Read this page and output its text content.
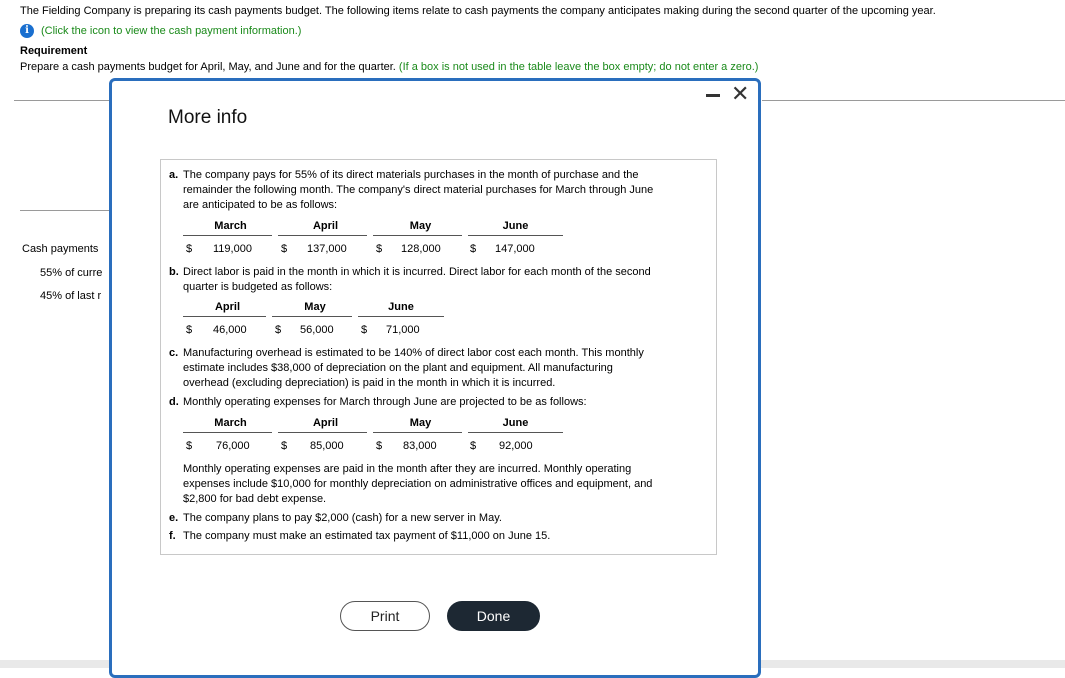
The Fielding Company is preparing its cash payments budget. The following items relate to cash payments the company anticipates making during the second quarter of the upcoming year.
i	(Click the icon to view the cash payment information.)
Requirement
Prepare a cash payments budget for April, May, and June and for the quarter. (If a box is not used in the table leave the box empty; do not enter a zero.)
Cash payments
55% of curre
45% of last r
More info
✕
a. The company pays for 55% of its direct materials purchases in the month of purchase and the
remainder the following month. The company's direct material purchases for March through June
are anticipated to be as follows:
March	April	May	June
$ 119,000	$ 137,000	$ 128,000	$ 147,000
b. Direct labor is paid in the month in which it is incurred. Direct labor for each month of the second
quarter is budgeted as follows:
April	May	June
$ 46,000	$ 56,000 $ 71,000
c. Manufacturing overhead is estimated to be 140% of direct labor cost each month. This monthly
estimate includes $38,000 of depreciation on the plant and equipment. All manufacturing
overhead (excluding depreciation) is paid in the month in which it is incurred.
d. Monthly operating expenses for March through June are projected to be as follows:
March	April	May	June
$ 76,000	$ 85,000	$ 83,000	$ 92,000
Monthly operating expenses are paid in the month after they are incurred. Monthly operating
expenses include $10,000 for monthly depreciation on administrative offices and equipment, and
$2,800 for bad debt expense.
e. The company plans to pay $2,000 (cash) for a new server in May.
f. The company must make an estimated tax payment of $11,000 on June 15.
Print	Done
